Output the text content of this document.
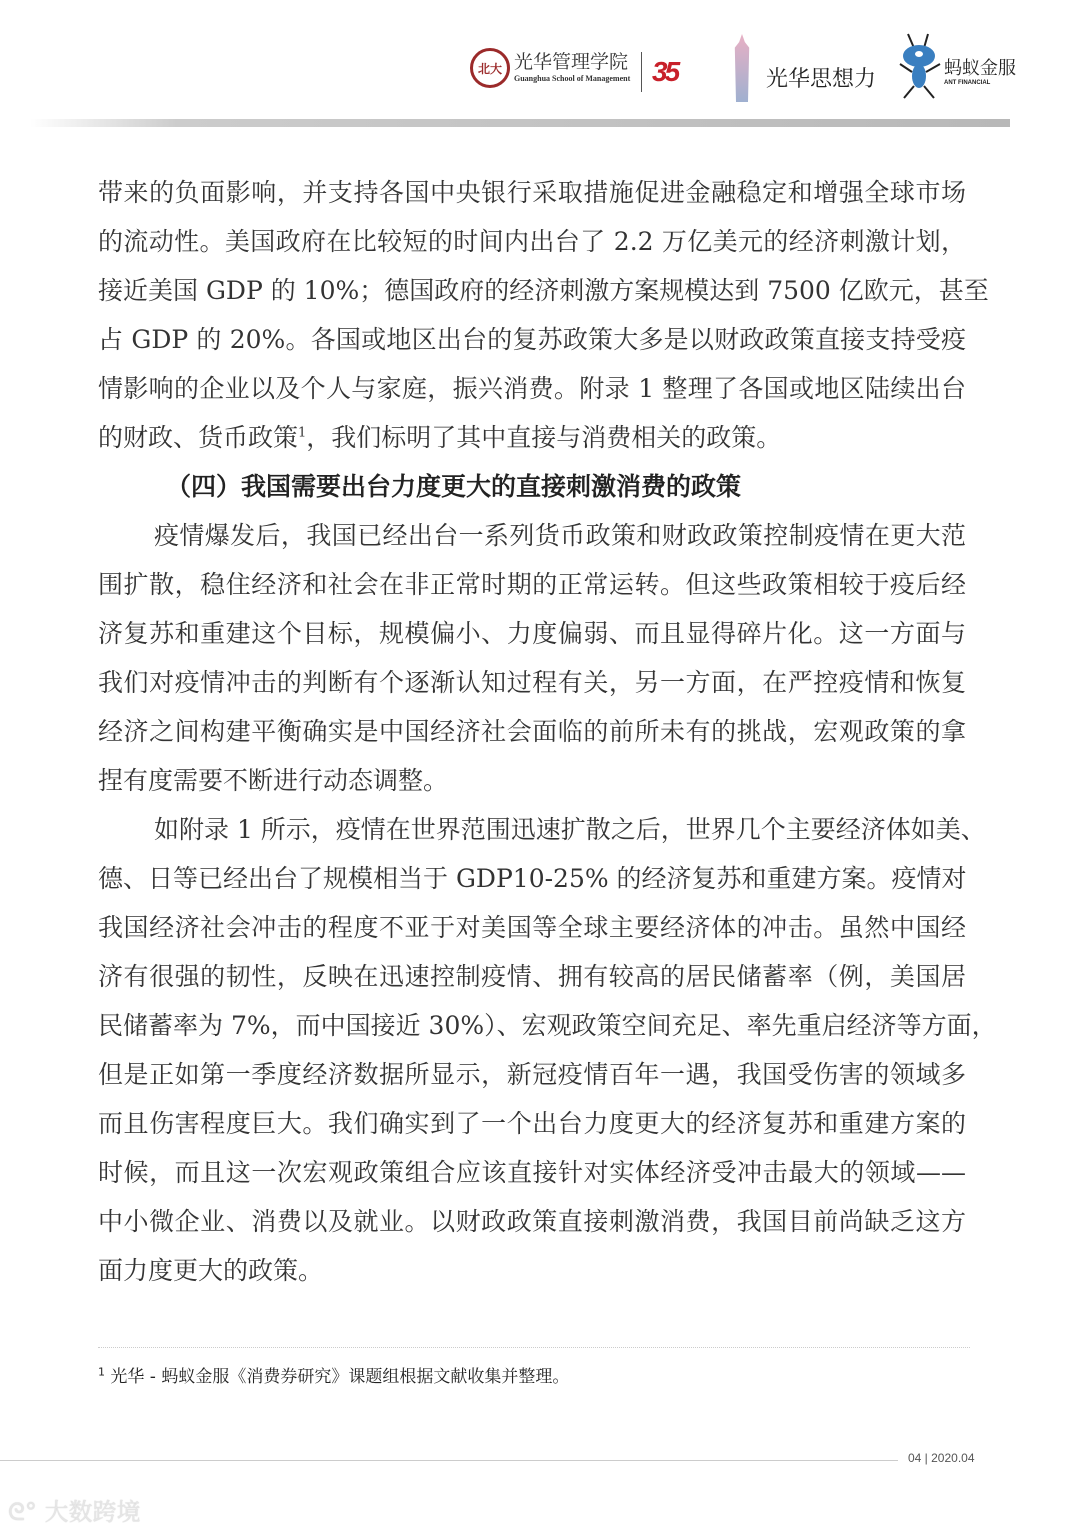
北大 光华管理学院
Guanghua School of Management 35	光华思想力	蚂蚁金服
ANT FINANCIAL
带来的负面影响，并支持各国中央银行采取措施促进金融稳定和增强全球市场
的流动性。美国政府在比较短的时间内出台了 2.2 万亿美元的经济刺激计划，
接近美国 GDP 的 10%；德国政府的经济刺激方案规模达到 7500 亿欧元，甚至
占 GDP 的 20%。各国或地区出台的复苏政策大多是以财政政策直接支持受疫
情影响的企业以及个人与家庭，振兴消费。附录 1 整理了各国或地区陆续出台
的财政、货币政策$^1$，我们标明了其中直接与消费相关的政策。
（四）我国需要出台力度更大的直接刺激消费的政策
疫情爆发后，我国已经出台一系列货币政策和财政政策控制疫情在更大范
围扩散，稳住经济和社会在非正常时期的正常运转。但这些政策相较于疫后经
济复苏和重建这个目标，规模偏小、力度偏弱、而且显得碎片化。这一方面与
我们对疫情冲击的判断有个逐渐认知过程有关，另一方面，在严控疫情和恢复
经济之间构建平衡确实是中国经济社会面临的前所未有的挑战，宏观政策的拿
捏有度需要不断进行动态调整。
如附录 1 所示，疫情在世界范围迅速扩散之后，世界几个主要经济体如美、
德、日等已经出台了规模相当于 GDP10-25% 的经济复苏和重建方案。疫情对
我国经济社会冲击的程度不亚于对美国等全球主要经济体的冲击。虽然中国经
济有很强的韧性，反映在迅速控制疫情、拥有较高的居民储蓄率（例，美国居
民储蓄率为 7%，而中国接近 30%）、宏观政策空间充足、率先重启经济等方面，
但是正如第一季度经济数据所显示，新冠疫情百年一遇，我国受伤害的领域多
而且伤害程度巨大。我们确实到了一个出台力度更大的经济复苏和重建方案的
时候，而且这一次宏观政策组合应该直接针对实体经济受冲击最大的领域——
中小微企业、消费以及就业。以财政政策直接刺激消费，我国目前尚缺乏这方
面力度更大的政策。
$^1$ 光华 - 蚂蚁金服《消费券研究》课题组根据文献收集并整理。
04 | 2020.04
ᘓ° 大数跨境
